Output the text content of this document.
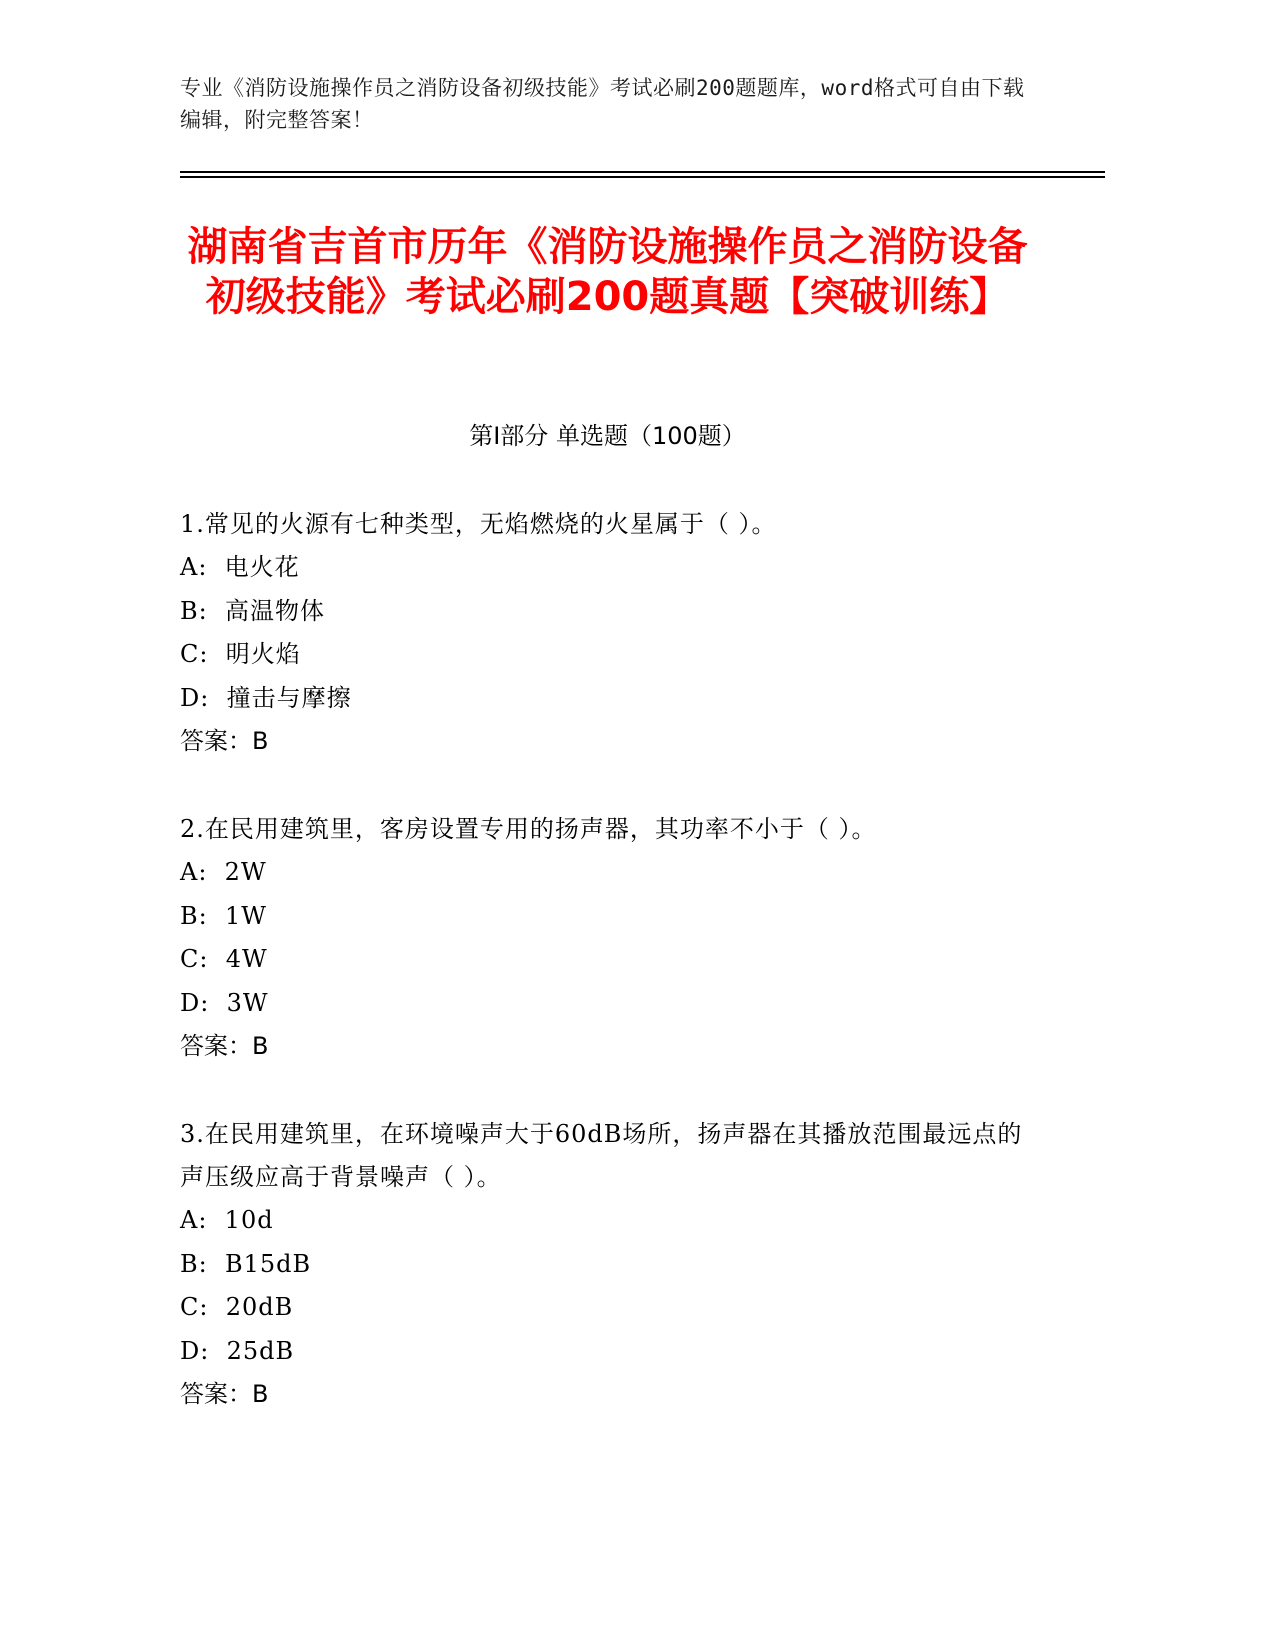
专业《消防设施操作员之消防设备初级技能》考试必刷200题题库，word格式可自由下载编辑，附完整答案！
湖南省吉首市历年《消防设施操作员之消防设备初级技能》考试必刷200题真题【突破训练】
第I部分 单选题（100题）

1.常见的火源有七种类型，无焰燃烧的火星属于（ ）。

A:  电火花

B:  高温物体

C:  明火焰

D:  撞击与摩擦

答案：B

2.在民用建筑里，客房设置专用的扬声器，其功率不小于（ ）。

A:  2W

B:  1W

C:  4W

D:  3W

答案：B

3.在民用建筑里，在环境噪声大于60dB场所，扬声器在其播放范围最远点的声压级应高于背景噪声（ ）。

A:  10d

B:  B15dB

C:  20dB

D:  25dB

答案：B
